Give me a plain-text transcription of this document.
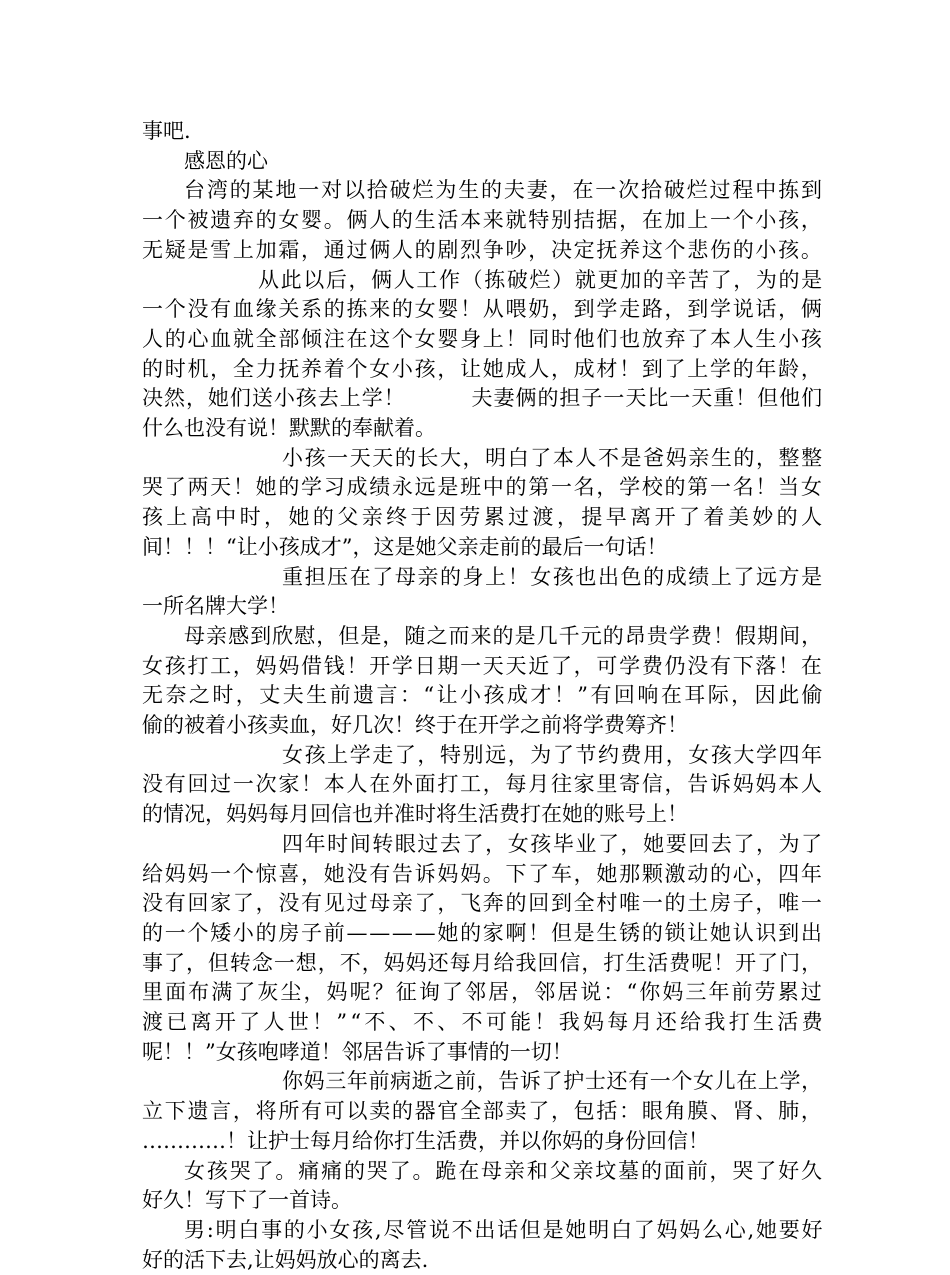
事吧.
感恩的心
台湾的某地一对以拾破烂为生的夫妻，在一次拾破烂过程中拣到
一个被遗弃的女婴。俩人的生活本来就特别拮据，在加上一个小孩，
无疑是雪上加霜，通过俩人的剧烈争吵，决定抚养这个悲伤的小孩。
从此以后，俩人工作（拣破烂）就更加的辛苦了，为的是
一个没有血缘关系的拣来的女婴！从喂奶，到学走路，到学说话，俩
人的心血就全部倾注在这个女婴身上！同时他们也放弃了本人生小孩
的时机，全力抚养着个女小孩，让她成人，成材！到了上学的年龄，
决然，她们送小孩去上学！　　　夫妻俩的担子一天比一天重！但他们
什么也没有说！默默的奉献着。
小孩一天天的长大，明白了本人不是爸妈亲生的，整整
哭了两天！她的学习成绩永远是班中的第一名，学校的第一名！当女
孩上高中时，她的父亲终于因劳累过渡，提早离开了着美妙的人
间！！！“让小孩成才”，这是她父亲走前的最后一句话！
重担压在了母亲的身上！女孩也出色的成绩上了远方是
一所名牌大学！
母亲感到欣慰，但是，随之而来的是几千元的昂贵学费！假期间，
女孩打工，妈妈借钱！开学日期一天天近了，可学费仍没有下落！在
无奈之时，丈夫生前遗言：“让小孩成才！”有回响在耳际，因此偷
偷的被着小孩卖血，好几次！终于在开学之前将学费筹齐！
女孩上学走了，特别远，为了节约费用，女孩大学四年
没有回过一次家！本人在外面打工，每月往家里寄信，告诉妈妈本人
的情况，妈妈每月回信也并准时将生活费打在她的账号上！
四年时间转眼过去了，女孩毕业了，她要回去了，为了
给妈妈一个惊喜，她没有告诉妈妈。下了车，她那颗激动的心，四年
没有回家了，没有见过母亲了，飞奔的回到全村唯一的土房子，唯一
的一个矮小的房子前————她的家啊！但是生锈的锁让她认识到出
事了，但转念一想，不，妈妈还每月给我回信，打生活费呢！开了门，
里面布满了灰尘，妈呢？征询了邻居，邻居说：“你妈三年前劳累过
渡已离开了人世！”“不、不、不可能！我妈每月还给我打生活费
呢！！”女孩咆哮道！邻居告诉了事情的一切！
你妈三年前病逝之前，告诉了护士还有一个女儿在上学，
立下遗言，将所有可以卖的器官全部卖了，包括：眼角膜、肾、肺，
…………！让护士每月给你打生活费，并以你妈的身份回信！
女孩哭了。痛痛的哭了。跪在母亲和父亲坟墓的面前，哭了好久
好久！写下了一首诗。
男:明白事的小女孩,尽管说不出话但是她明白了妈妈么心,她要好
好的活下去,让妈妈放心的离去.
